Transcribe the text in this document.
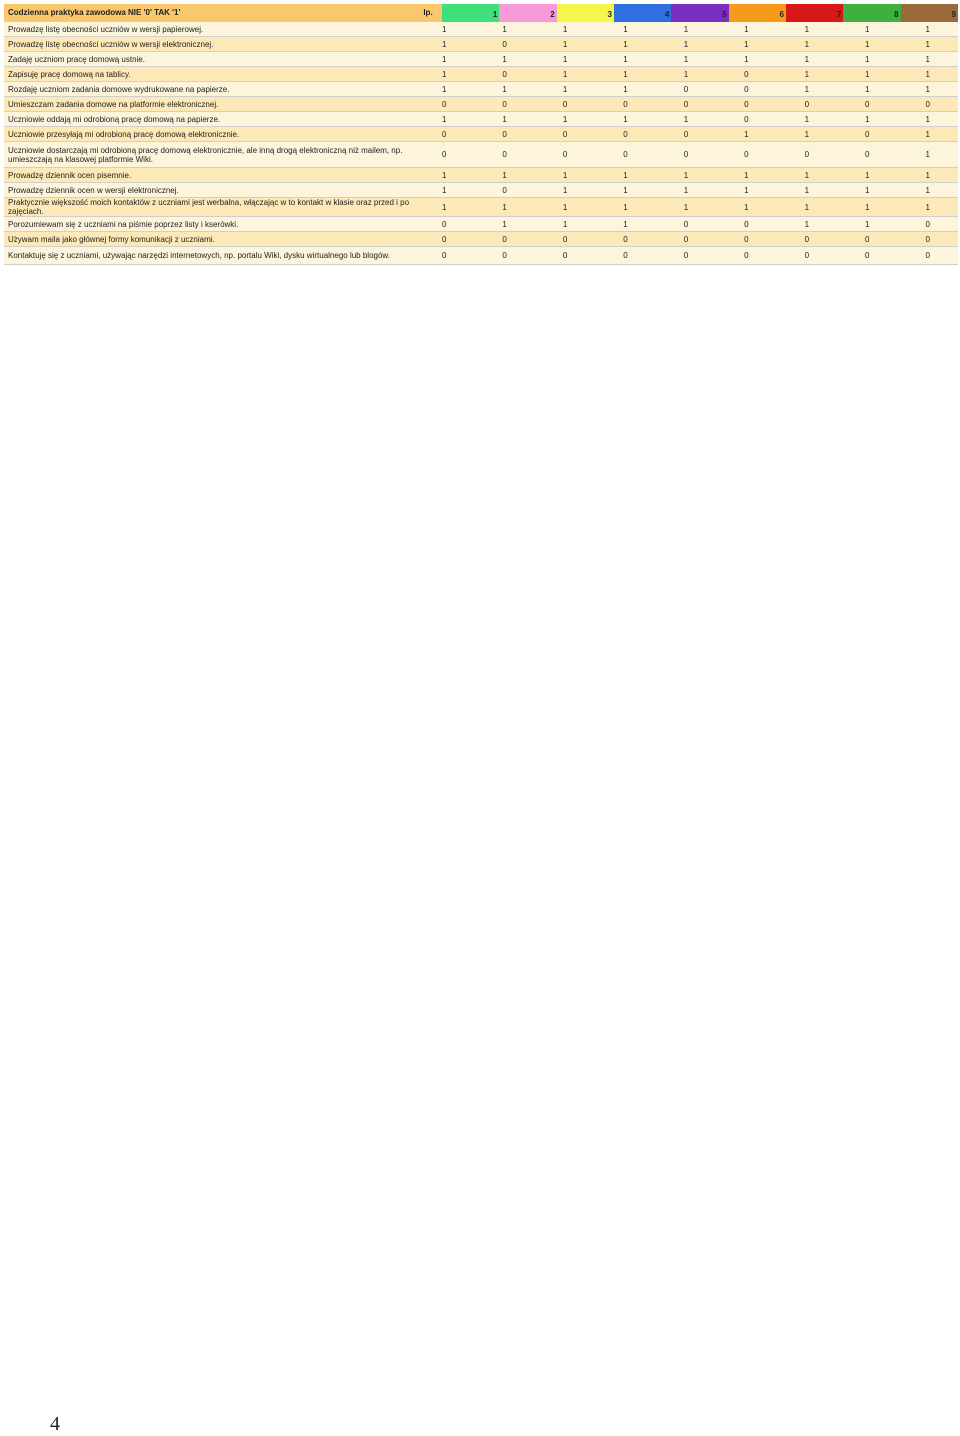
Codzienna praktyka zawodowa NIE '0' TAK '1'	lp.	1	2	3	4	5	6	7	8	9
Prowadzę listę obecności uczniów w wersji papierowej.	1	1	1	1	1	1	1	1	1
Prowadzę listę obecności uczniów w wersji elektronicznej.	1	0	1	1	1	1	1	1	1
Zadaję uczniom pracę domową ustnie.	1	1	1	1	1	1	1	1	1
Zapisuję pracę domową na tablicy.	1	0	1	1	1	0	1	1	1
Rozdaję uczniom zadania domowe wydrukowane na papierze.	1	1	1	1	0	0	1	1	1
Umieszczam zadania domowe na platformie elektronicznej.	0	0	0	0	0	0	0	0	0
Uczniowie oddają mi odrobioną pracę domową na papierze.	1	1	1	1	1	0	1	1	1
Uczniowie przesyłają mi odrobioną pracę domową elektronicznie.	0	0	0	0	0	1	1	0	1
Uczniowie dostarczają mi odrobioną pracę domową elektronicznie, ale inną drogą elektroniczną niż mailem, np. umieszczają na klasowej platformie Wiki.	0	0	0	0	0	0	0	0	1
Prowadzę dziennik ocen pisemnie.	1	1	1	1	1	1	1	1	1
Prowadzę dziennik ocen w wersji elektronicznej.	1	0	1	1	1	1	1	1	1
Praktycznie większość moich kontaktów z uczniami jest werbalna, włączając w to kontakt w klasie oraz przed i po zajęciach.	1	1	1	1	1	1	1	1	1
Porozumiewam się z uczniami na piśmie poprzez listy i kserówki.	0	1	1	1	0	0	1	1	0
Używam maila jako głównej formy komunikacji z uczniami.	0	0	0	0	0	0	0	0	0
Kontaktuję się z uczniami, używając narzędzi internetowych, np. portalu Wiki, dysku wirtualnego lub blogów.	0	0	0	0	0	0	0	0	0
4
